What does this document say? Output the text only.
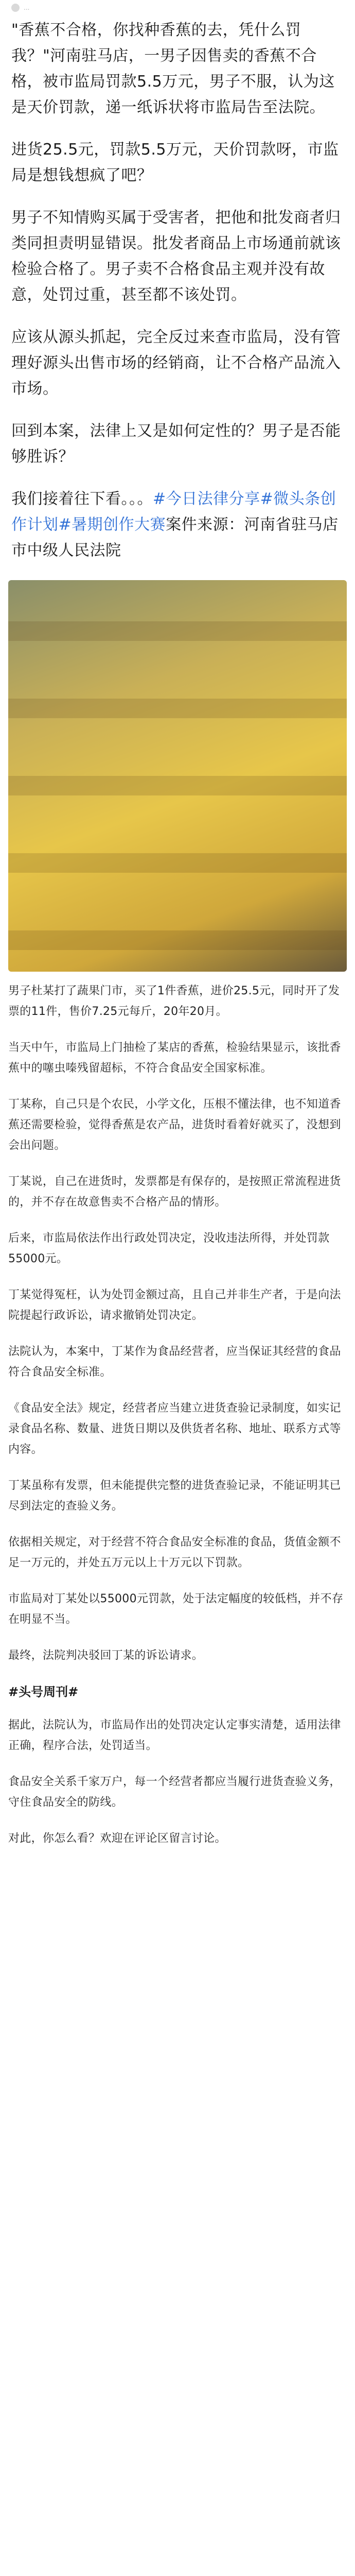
...

"香蕉不合格，你找种香蕉的去，凭什么罚我？"河南驻马店，一男子因售卖的香蕉不合格，被市监局罚款5.5万元，男子不服，认为这是天价罚款，递一纸诉状将市监局告至法院。

进货25.5元，罚款5.5万元，天价罚款呀，市监局是想钱想疯了吧？

男子不知情购买属于受害者，把他和批发商者归类同担责明显错误。批发者商品上市场通前就该检验合格了。男子卖不合格食品主观并没有故意，处罚过重，甚至都不该处罚。

应该从源头抓起，完全反过来查市监局，没有管理好源头出售市场的经销商，让不合格产品流入市场。

回到本案，法律上又是如何定性的？男子是否能够胜诉？

我们接着往下看。。。#今日法律分享#微头条创作计划#暑期创作大赛案件来源：河南省驻马店市中级人民法院

男子杜某打了蔬果门市，买了1件香蕉，进价25.5元，同时开了发票的11件，售价7.25元每斤，20年20月。

当天中午，市监局上门抽检了某店的香蕉，检验结果显示，该批香蕉中的噻虫嗪残留超标，不符合食品安全国家标准。

丁某称，自己只是个农民，小学文化，压根不懂法律，也不知道香蕉还需要检验，觉得香蕉是农产品，进货时看着好就买了，没想到会出问题。

丁某说，自己在进货时，发票都是有保存的，是按照正常流程进货的，并不存在故意售卖不合格产品的情形。

后来，市监局依法作出行政处罚决定，没收违法所得，并处罚款55000元。

丁某觉得冤枉，认为处罚金额过高，且自己并非生产者，于是向法院提起行政诉讼，请求撤销处罚决定。

法院认为，本案中，丁某作为食品经营者，应当保证其经营的食品符合食品安全标准。

《食品安全法》规定，经营者应当建立进货查验记录制度，如实记录食品名称、数量、进货日期以及供货者名称、地址、联系方式等内容。

丁某虽称有发票，但未能提供完整的进货查验记录，不能证明其已尽到法定的查验义务。

依据相关规定，对于经营不符合食品安全标准的食品，货值金额不足一万元的，并处五万元以上十万元以下罚款。

市监局对丁某处以55000元罚款，处于法定幅度的较低档，并不存在明显不当。

最终，法院判决驳回丁某的诉讼请求。

#头号周刊#

据此，法院认为，市监局作出的处罚决定认定事实清楚，适用法律正确，程序合法，处罚适当。

食品安全关系千家万户，每一个经营者都应当履行进货查验义务，守住食品安全的防线。

对此，你怎么看？欢迎在评论区留言讨论。
